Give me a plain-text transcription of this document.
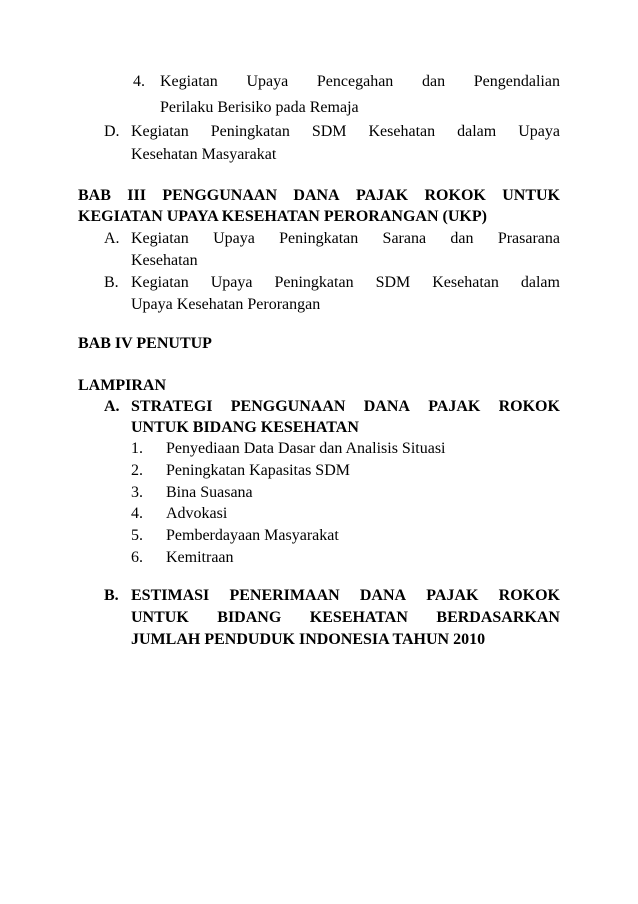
4. Kegiatan Upaya Pencegahan dan Pengendalian
Perilaku Berisiko pada Remaja
D. Kegiatan Peningkatan SDM Kesehatan dalam Upaya
Kesehatan Masyarakat
BAB III PENGGUNAAN DANA PAJAK ROKOK UNTUK
KEGIATAN UPAYA KESEHATAN PERORANGAN (UKP)
A. Kegiatan Upaya Peningkatan Sarana dan Prasarana
Kesehatan
B. Kegiatan Upaya Peningkatan SDM Kesehatan dalam
Upaya Kesehatan Perorangan
BAB IV PENUTUP
LAMPIRAN
A. STRATEGI PENGGUNAAN DANA PAJAK ROKOK
UNTUK BIDANG KESEHATAN
1. Penyediaan Data Dasar dan Analisis Situasi
2. Peningkatan Kapasitas SDM
3. Bina Suasana
4. Advokasi
5. Pemberdayaan Masyarakat
6. Kemitraan
B. ESTIMASI PENERIMAAN DANA PAJAK ROKOK
UNTUK BIDANG KESEHATAN BERDASARKAN
JUMLAH PENDUDUK INDONESIA TAHUN 2010
